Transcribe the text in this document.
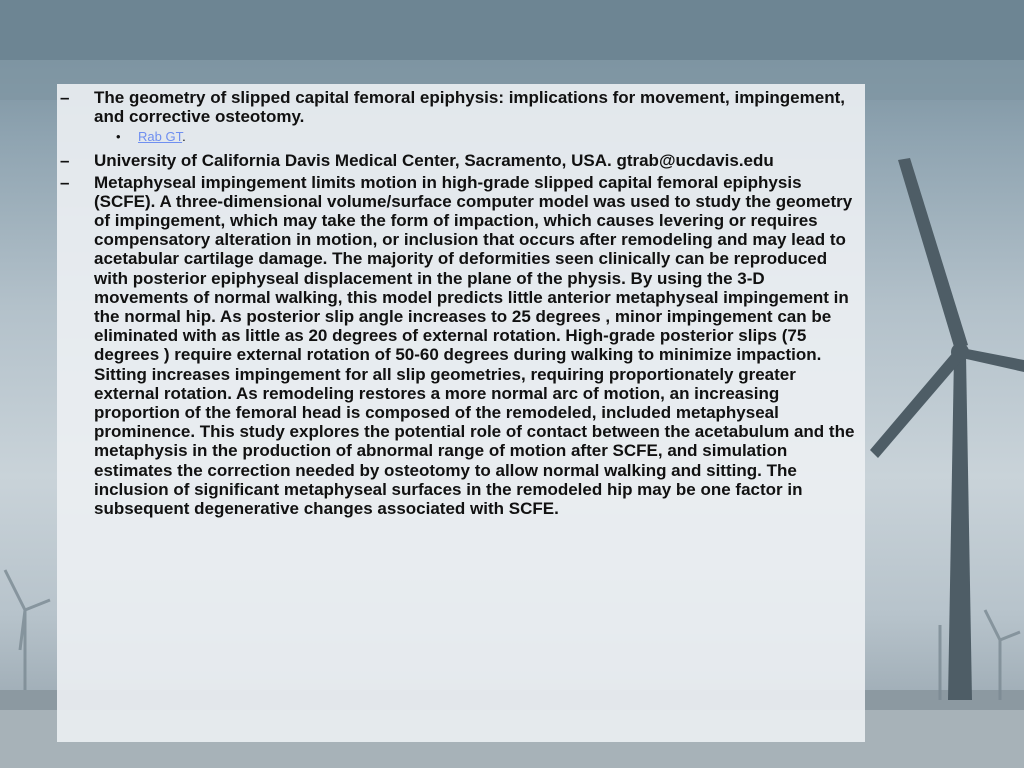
–	The geometry of slipped capital femoral epiphysis: implications for movement, impingement, and corrective osteotomy.
• Rab GT.
–	University of California Davis Medical Center, Sacramento, USA. gtrab@ucdavis.edu
–	Metaphyseal impingement limits motion in high-grade slipped capital femoral epiphysis (SCFE). A three-dimensional volume/surface computer model was used to study the geometry of impingement, which may take the form of impaction, which causes levering or requires compensatory alteration in motion, or inclusion that occurs after remodeling and may lead to acetabular cartilage damage. The majority of deformities seen clinically can be reproduced with posterior epiphyseal displacement in the plane of the physis. By using the 3-D movements of normal walking, this model predicts little anterior metaphyseal impingement in the normal hip. As posterior slip angle increases to 25 degrees , minor impingement can be eliminated with as little as 20 degrees of external rotation. High-grade posterior slips (75 degrees ) require external rotation of 50-60 degrees during walking to minimize impaction. Sitting increases impingement for all slip geometries, requiring proportionately greater external rotation. As remodeling restores a more normal arc of motion, an increasing proportion of the femoral head is composed of the remodeled, included metaphyseal prominence. This study explores the potential role of contact between the acetabulum and the metaphysis in the production of abnormal range of motion after SCFE, and simulation estimates the correction needed by osteotomy to allow normal walking and sitting. The inclusion of significant metaphyseal surfaces in the remodeled hip may be one factor in subsequent degenerative changes associated with SCFE.
